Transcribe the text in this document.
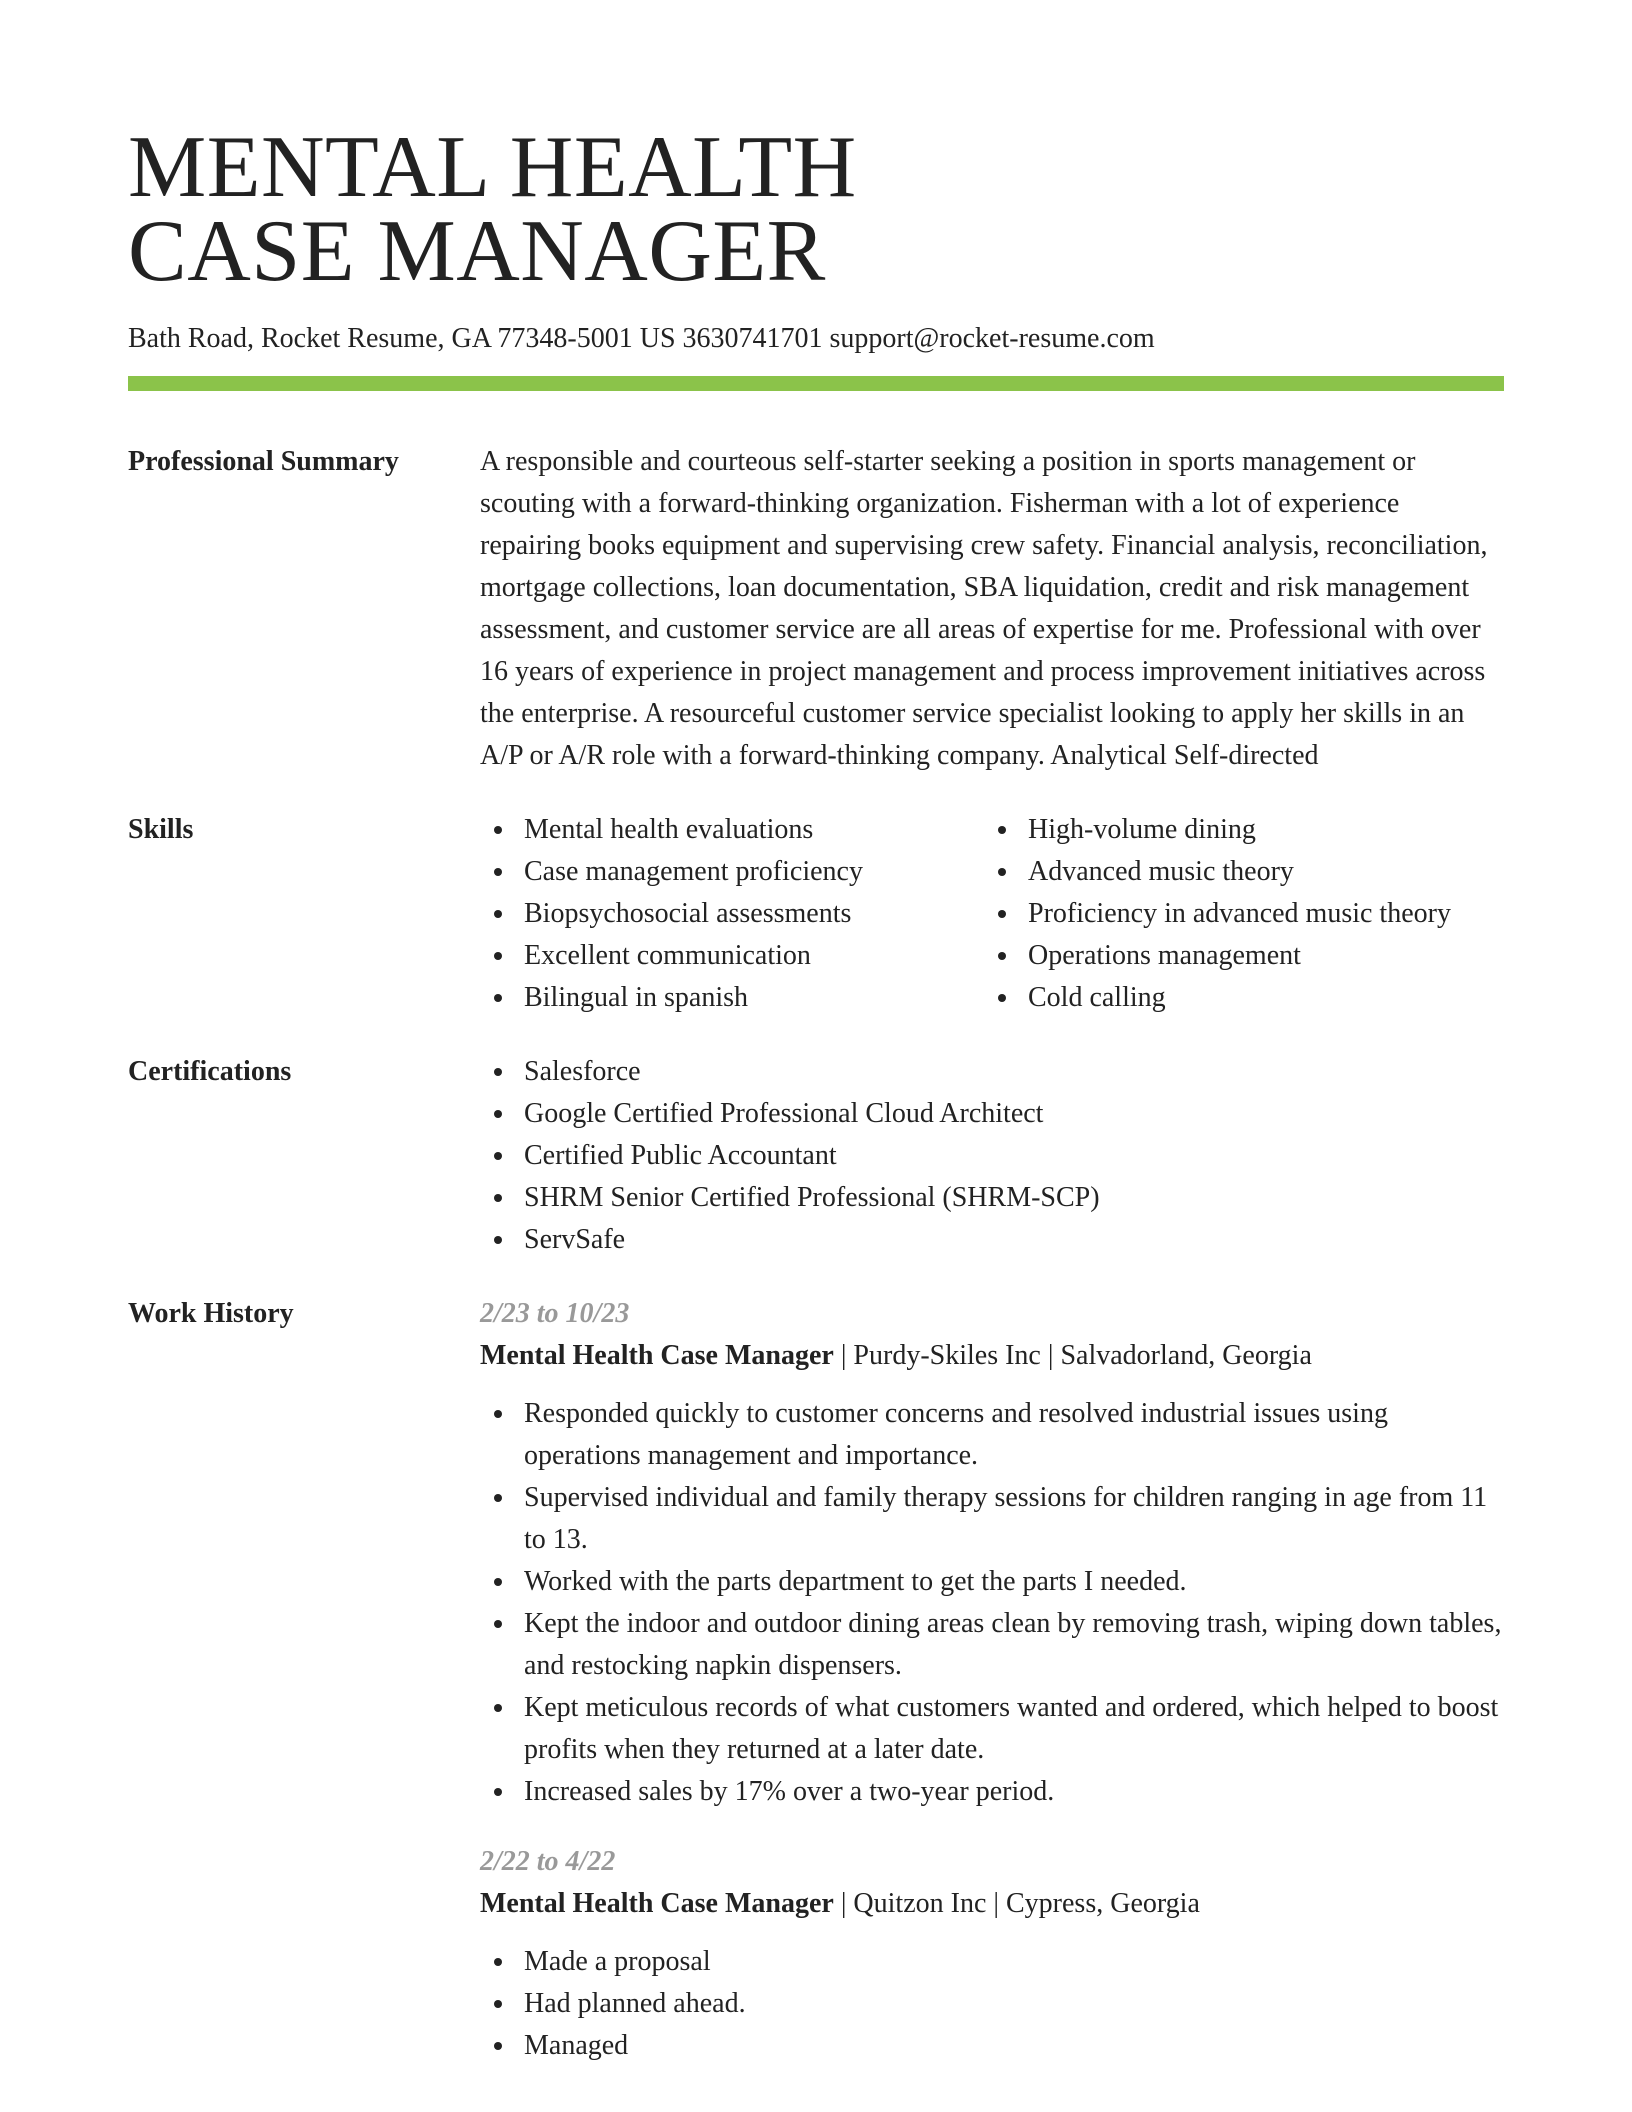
MENTAL HEALTH
CASE MANAGER
Bath Road, Rocket Resume, GA 77348-5001 US 3630741701 support@rocket-resume.com
Professional Summary	A responsible and courteous self-starter seeking a position in sports management or scouting with a forward-thinking organization. Fisherman with a lot of experience repairing books equipment and supervising crew safety. Financial analysis, reconciliation, mortgage collections, loan documentation, SBA liquidation, credit and risk management assessment, and customer service are all areas of expertise for me. Professional with over 16 years of experience in project management and process improvement initiatives across the enterprise. A resourceful customer service specialist looking to apply her skills in an A/P or A/R role with a forward-thinking company. Analytical Self-directed
Skills	Mental health evaluations
Case management proficiency
Biopsychosocial assessments
Excellent communication
Bilingual in spanish
High-volume dining
Advanced music theory
Proficiency in advanced music theory
Operations management
Cold calling
Certifications	Salesforce
Google Certified Professional Cloud Architect
Certified Public Accountant
SHRM Senior Certified Professional (SHRM-SCP)
ServSafe
Work History	2/23 to 10/23
Mental Health Case Manager | Purdy-Skiles Inc | Salvadorland, Georgia
Responded quickly to customer concerns and resolved industrial issues using operations management and importance.
Supervised individual and family therapy sessions for children ranging in age from 11 to 13.
Worked with the parts department to get the parts I needed.
Kept the indoor and outdoor dining areas clean by removing trash, wiping down tables, and restocking napkin dispensers.
Kept meticulous records of what customers wanted and ordered, which helped to boost profits when they returned at a later date.
Increased sales by 17% over a two-year period.
2/22 to 4/22
Mental Health Case Manager | Quitzon Inc | Cypress, Georgia
Made a proposal
Had planned ahead.
Managed
